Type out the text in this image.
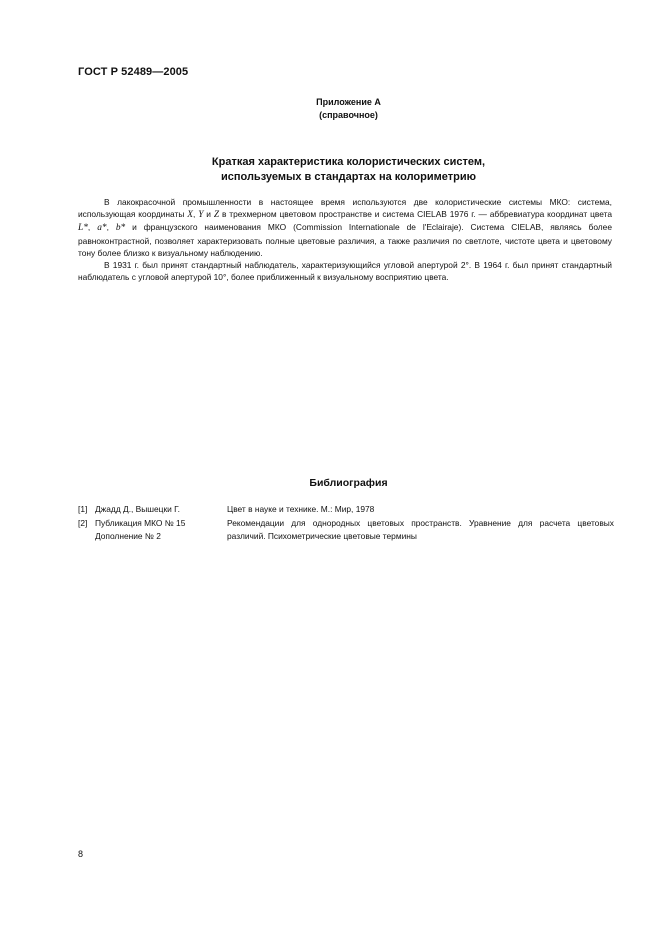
ГОСТ Р 52489—2005
Приложение А
(справочное)
Краткая характеристика колористических систем,
используемых в стандартах на колориметрию

В лакокрасочной промышленности в настоящее время используются две колористические системы МКО: система, использующая координаты X, Y и Z в трехмерном цветовом пространстве и система CIELAB 1976 г. — аббревиатура координат цвета L*, a*, b* и французского наименования МКО (Commission Internationale de l'Eclairaje). Система CIELAB, являясь более равноконтрастной, позволяет характеризовать полные цветовые различия, а также различия по светлоте, чистоте цвета и цветовому тону более близко к визуальному наблюдению.

В 1931 г. был принят стандартный наблюдатель, характеризующийся угловой апертурой 2°. В 1964 г. был принят стандартный наблюдатель с угловой апертурой 10°, более приближенный к визуальному восприятию цвета.

Библиография
[1] Джадд Д., Вышецки Г.	Цвет в науке и технике. М.: Мир, 1978
[2] Публикация МКО № 15
Дополнение № 2
Рекомендации для однородных цветовых пространств. Уравнение для расчета цветовых различий. Психометрические цветовые термины
8
